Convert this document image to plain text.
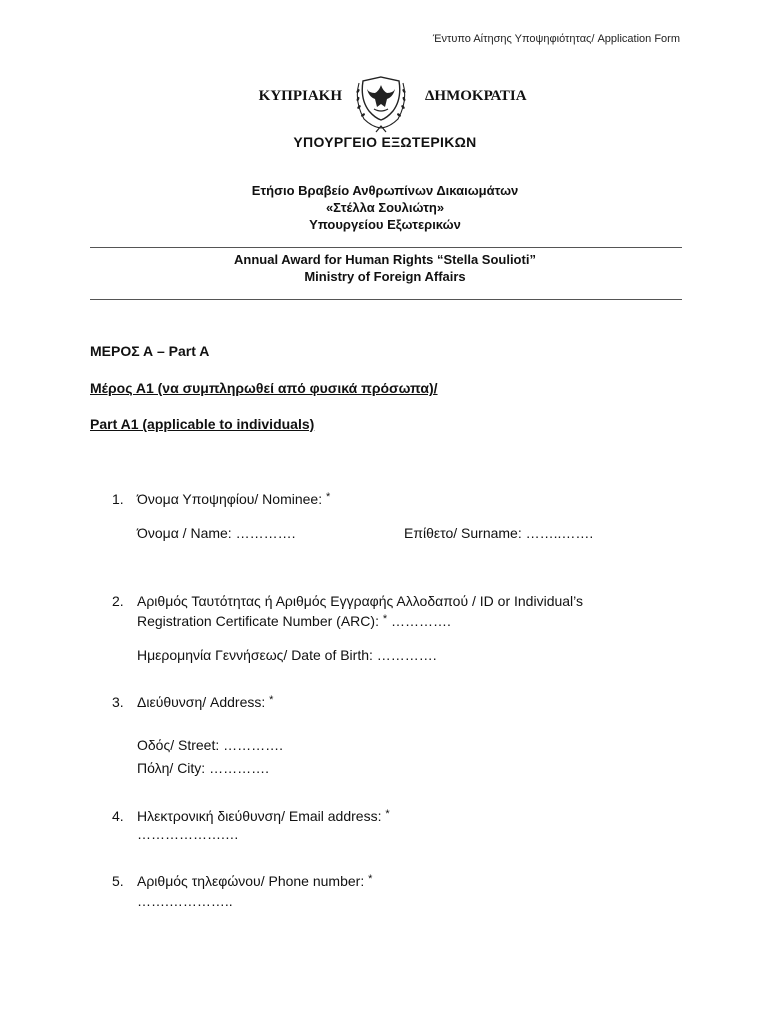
Έντυπο Αίτησης Υποψηφιότητας/ Application Form
ΚΥΠΡΙΑΚΗ	ΔΗΜΟΚΡΑΤΙΑ
ΥΠΟΥΡΓΕΙΟ ΕΞΩΤΕΡΙΚΩΝ
Ετήσιο Βραβείο Ανθρωπίνων Δικαιωμάτων
«Στέλλα Σουλιώτη»
Υπουργείου Εξωτερικών
Annual Award for Human Rights “Stella Soulioti”
Ministry of Foreign Affairs
ΜΕΡΟΣ Α – Part A
Μέρος Α1 (να συμπληρωθεί από φυσικά πρόσωπα)/
Part A1 (applicable to individuals)
1. Όνομα Υποψηφίου/ Nominee: *
Όνομα / Name: ………….	Επίθετο/ Surname: ……..…….
2. Αριθμός Ταυτότητας ή Αριθμός Εγγραφής Αλλοδαπού / ID or Individual’s
Registration Certificate Number (ARC): * ………….
Ημερομηνία Γεννήσεως/ Date of Birth: ………….
3. Διεύθυνση/ Address: *
Οδός/ Street: ………….
Πόλη/ City: ………….
4. Ηλεκτρονική διεύθυνση/ Email address: *
……………….…
5. Αριθμός τηλεφώνου/ Phone number: *
…….…………..
